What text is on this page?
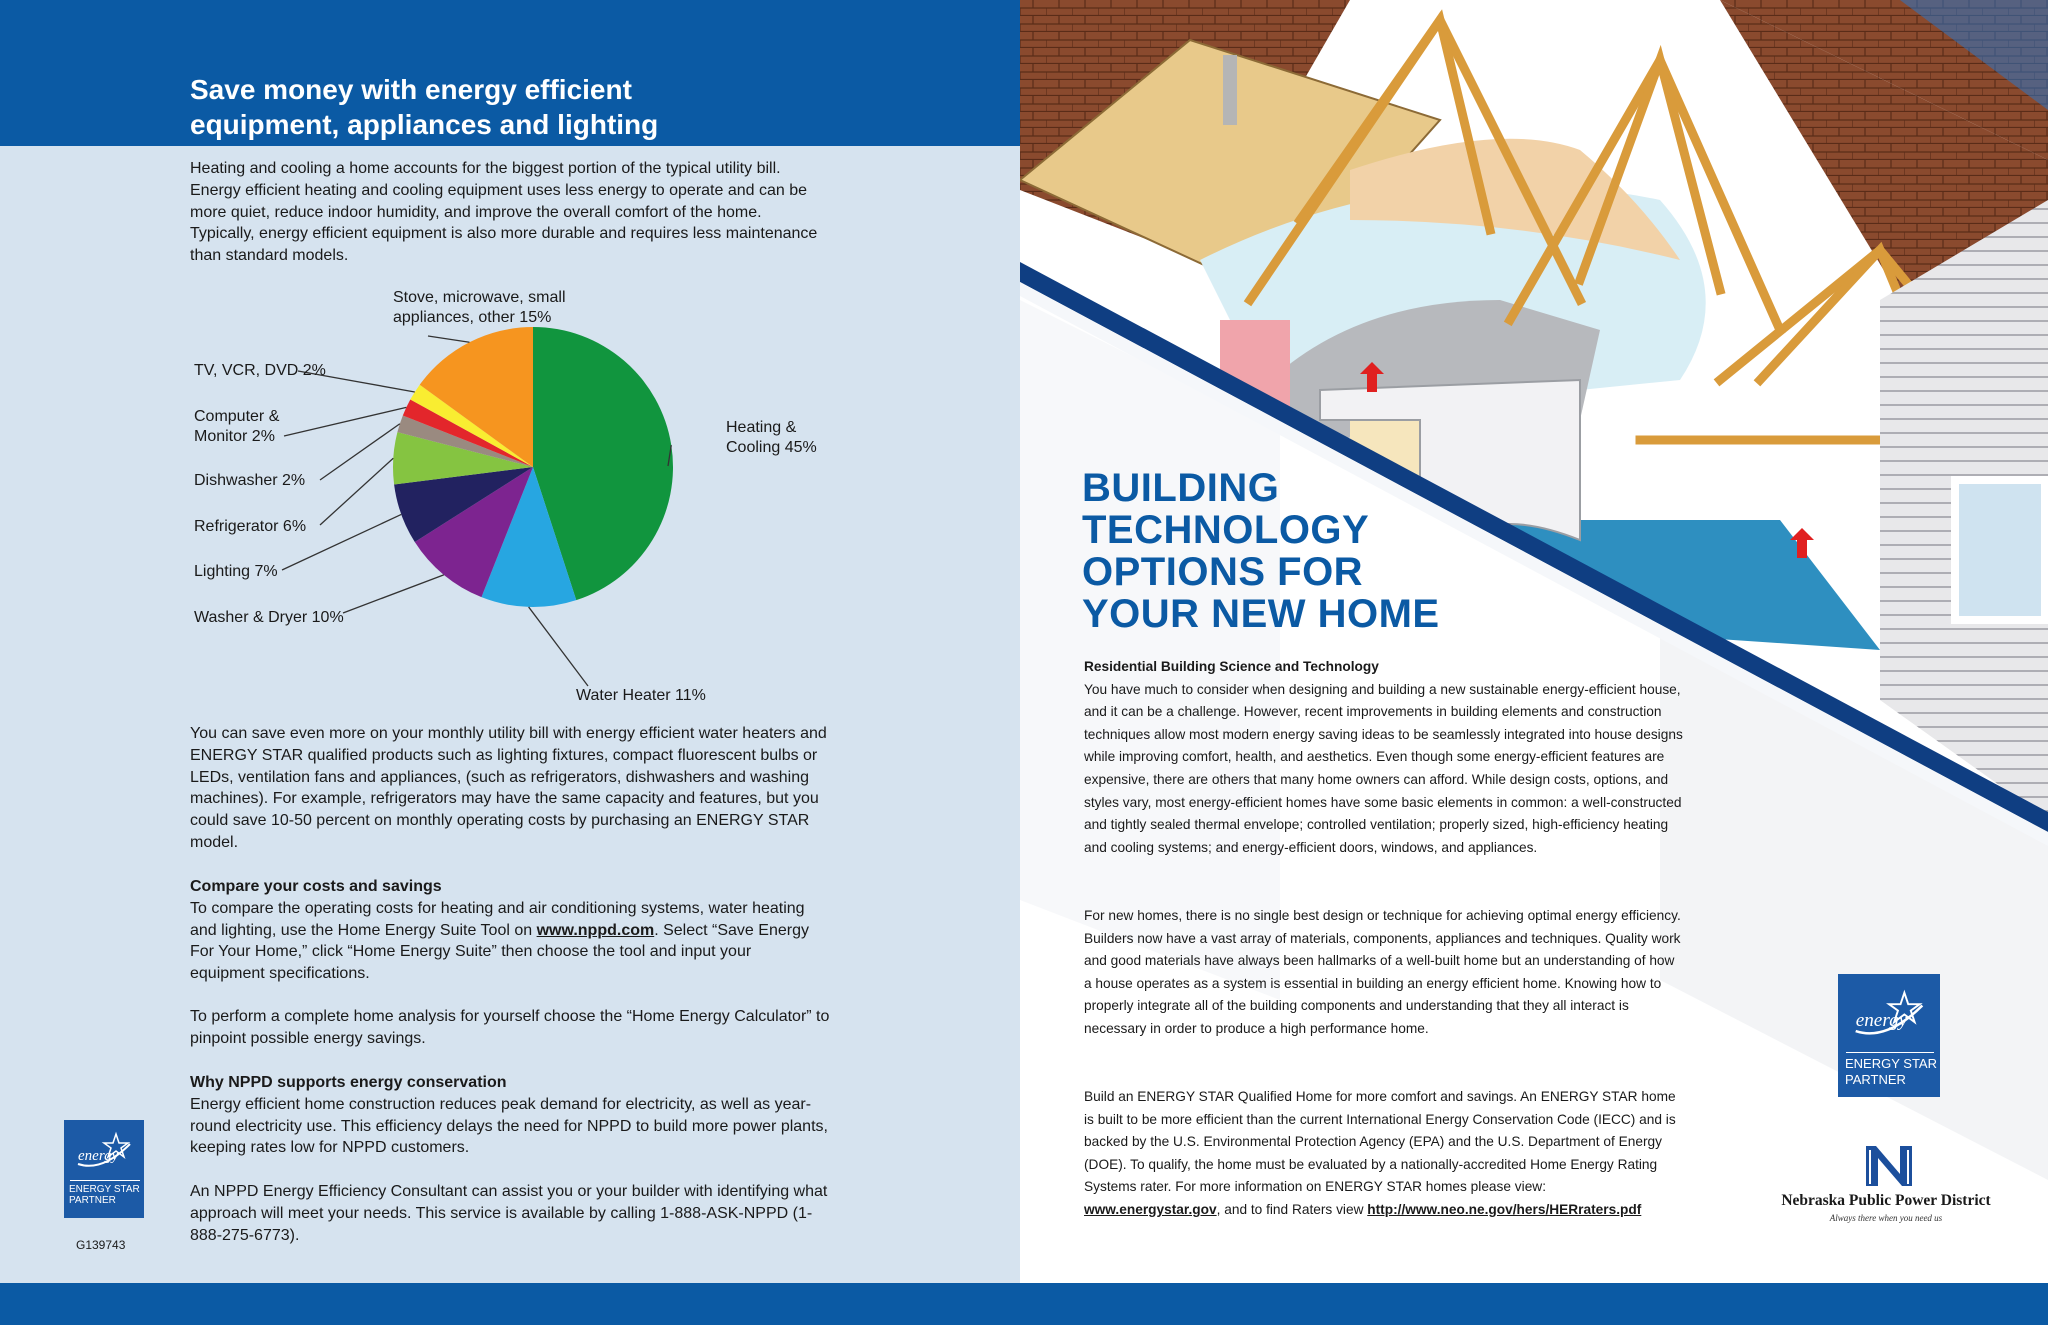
Save money with energy efficient
equipment, appliances and lighting

Heating and cooling a home accounts for the biggest portion of the typical utility bill. Energy efficient heating and cooling equipment uses less energy to operate and can be more quiet, reduce indoor humidity, and improve the overall comfort of the home. Typically, energy efficient equipment is also more durable and requires less maintenance than standard models.

Heating &
Cooling 45%
Water Heater 11%
Washer & Dryer 10%
Lighting 7%
Refrigerator 6%
Dishwasher 2%
Computer &
Monitor 2%
TV, VCR, DVD 2%
Stove, microwave, small
appliances, other 15%

You can save even more on your monthly utility bill with energy efficient water heaters and ENERGY STAR qualified products such as lighting fixtures, compact fluorescent bulbs or LEDs, ventilation fans and appliances, (such as refrigerators, dishwashers and washing machines). For example, refrigerators may have the same capacity and features, but you could save 10-50 percent on monthly operating costs by purchasing an ENERGY STAR model.

Compare your costs and savings
To compare the operating costs for heating and air conditioning systems, water heating and lighting, use the Home Energy Suite Tool on www.nppd.com. Select “Save Energy For Your Home,” click “Home Energy Suite” then choose the tool and input your equipment specifications.

To perform a complete home analysis for yourself choose the “Home Energy Calculator” to pinpoint possible energy savings.

Why NPPD supports energy conservation
Energy efficient home construction reduces peak demand for electricity, as well as year-round electricity use. This efficiency delays the need for NPPD to build more power plants, keeping rates low for NPPD customers.

An NPPD Energy Efficiency Consultant can assist you or your builder with identifying what approach will meet your needs. This service is available by calling 1-888-ASK-NPPD (1-888-275-6773).

energy
ENERGY STAR
PARTNER
G139743
BUILDING
TECHNOLOGY
OPTIONS FOR
YOUR NEW HOME
Residential Building Science and Technology
You have much to consider when designing and building a new sustainable energy-efficient house, and it can be a challenge. However, recent improvements in building elements and construction techniques allow most modern energy saving ideas to be seamlessly integrated into house designs while improving comfort, health, and aesthetics. Even though some energy-efficient features are expensive, there are others that many home owners can afford. While design costs, options, and styles vary, most energy-efficient homes have some basic elements in common: a well-constructed and tightly sealed thermal envelope; controlled ventilation; properly sized, high-efficiency heating and cooling systems; and energy-efficient doors, windows, and appliances.

For new homes, there is no single best design or technique for achieving optimal energy efficiency. Builders now have a vast array of materials, components, appliances and techniques. Quality work and good materials have always been hallmarks of a well-built home but an understanding of how a house operates as a system is essential in building an energy efficient home. Knowing how to properly integrate all of the building components and understanding that they all interact is necessary in order to produce a high performance home.

Build an ENERGY STAR Qualified Home for more comfort and savings. An ENERGY STAR home is built to be more efficient than the current International Energy Conservation Code (IECC) and is backed by the U.S. Environmental Protection Agency (EPA) and the U.S. Department of Energy (DOE). To qualify, the home must be evaluated by a nationally-accredited Home Energy Rating Systems rater. For more information on ENERGY STAR homes please view: www.energystar.gov, and to find Raters view http://www.neo.ne.gov/hers/HERraters.pdf

energy
ENERGY STAR
PARTNER
Nebraska Public Power District
Always there when you need us
